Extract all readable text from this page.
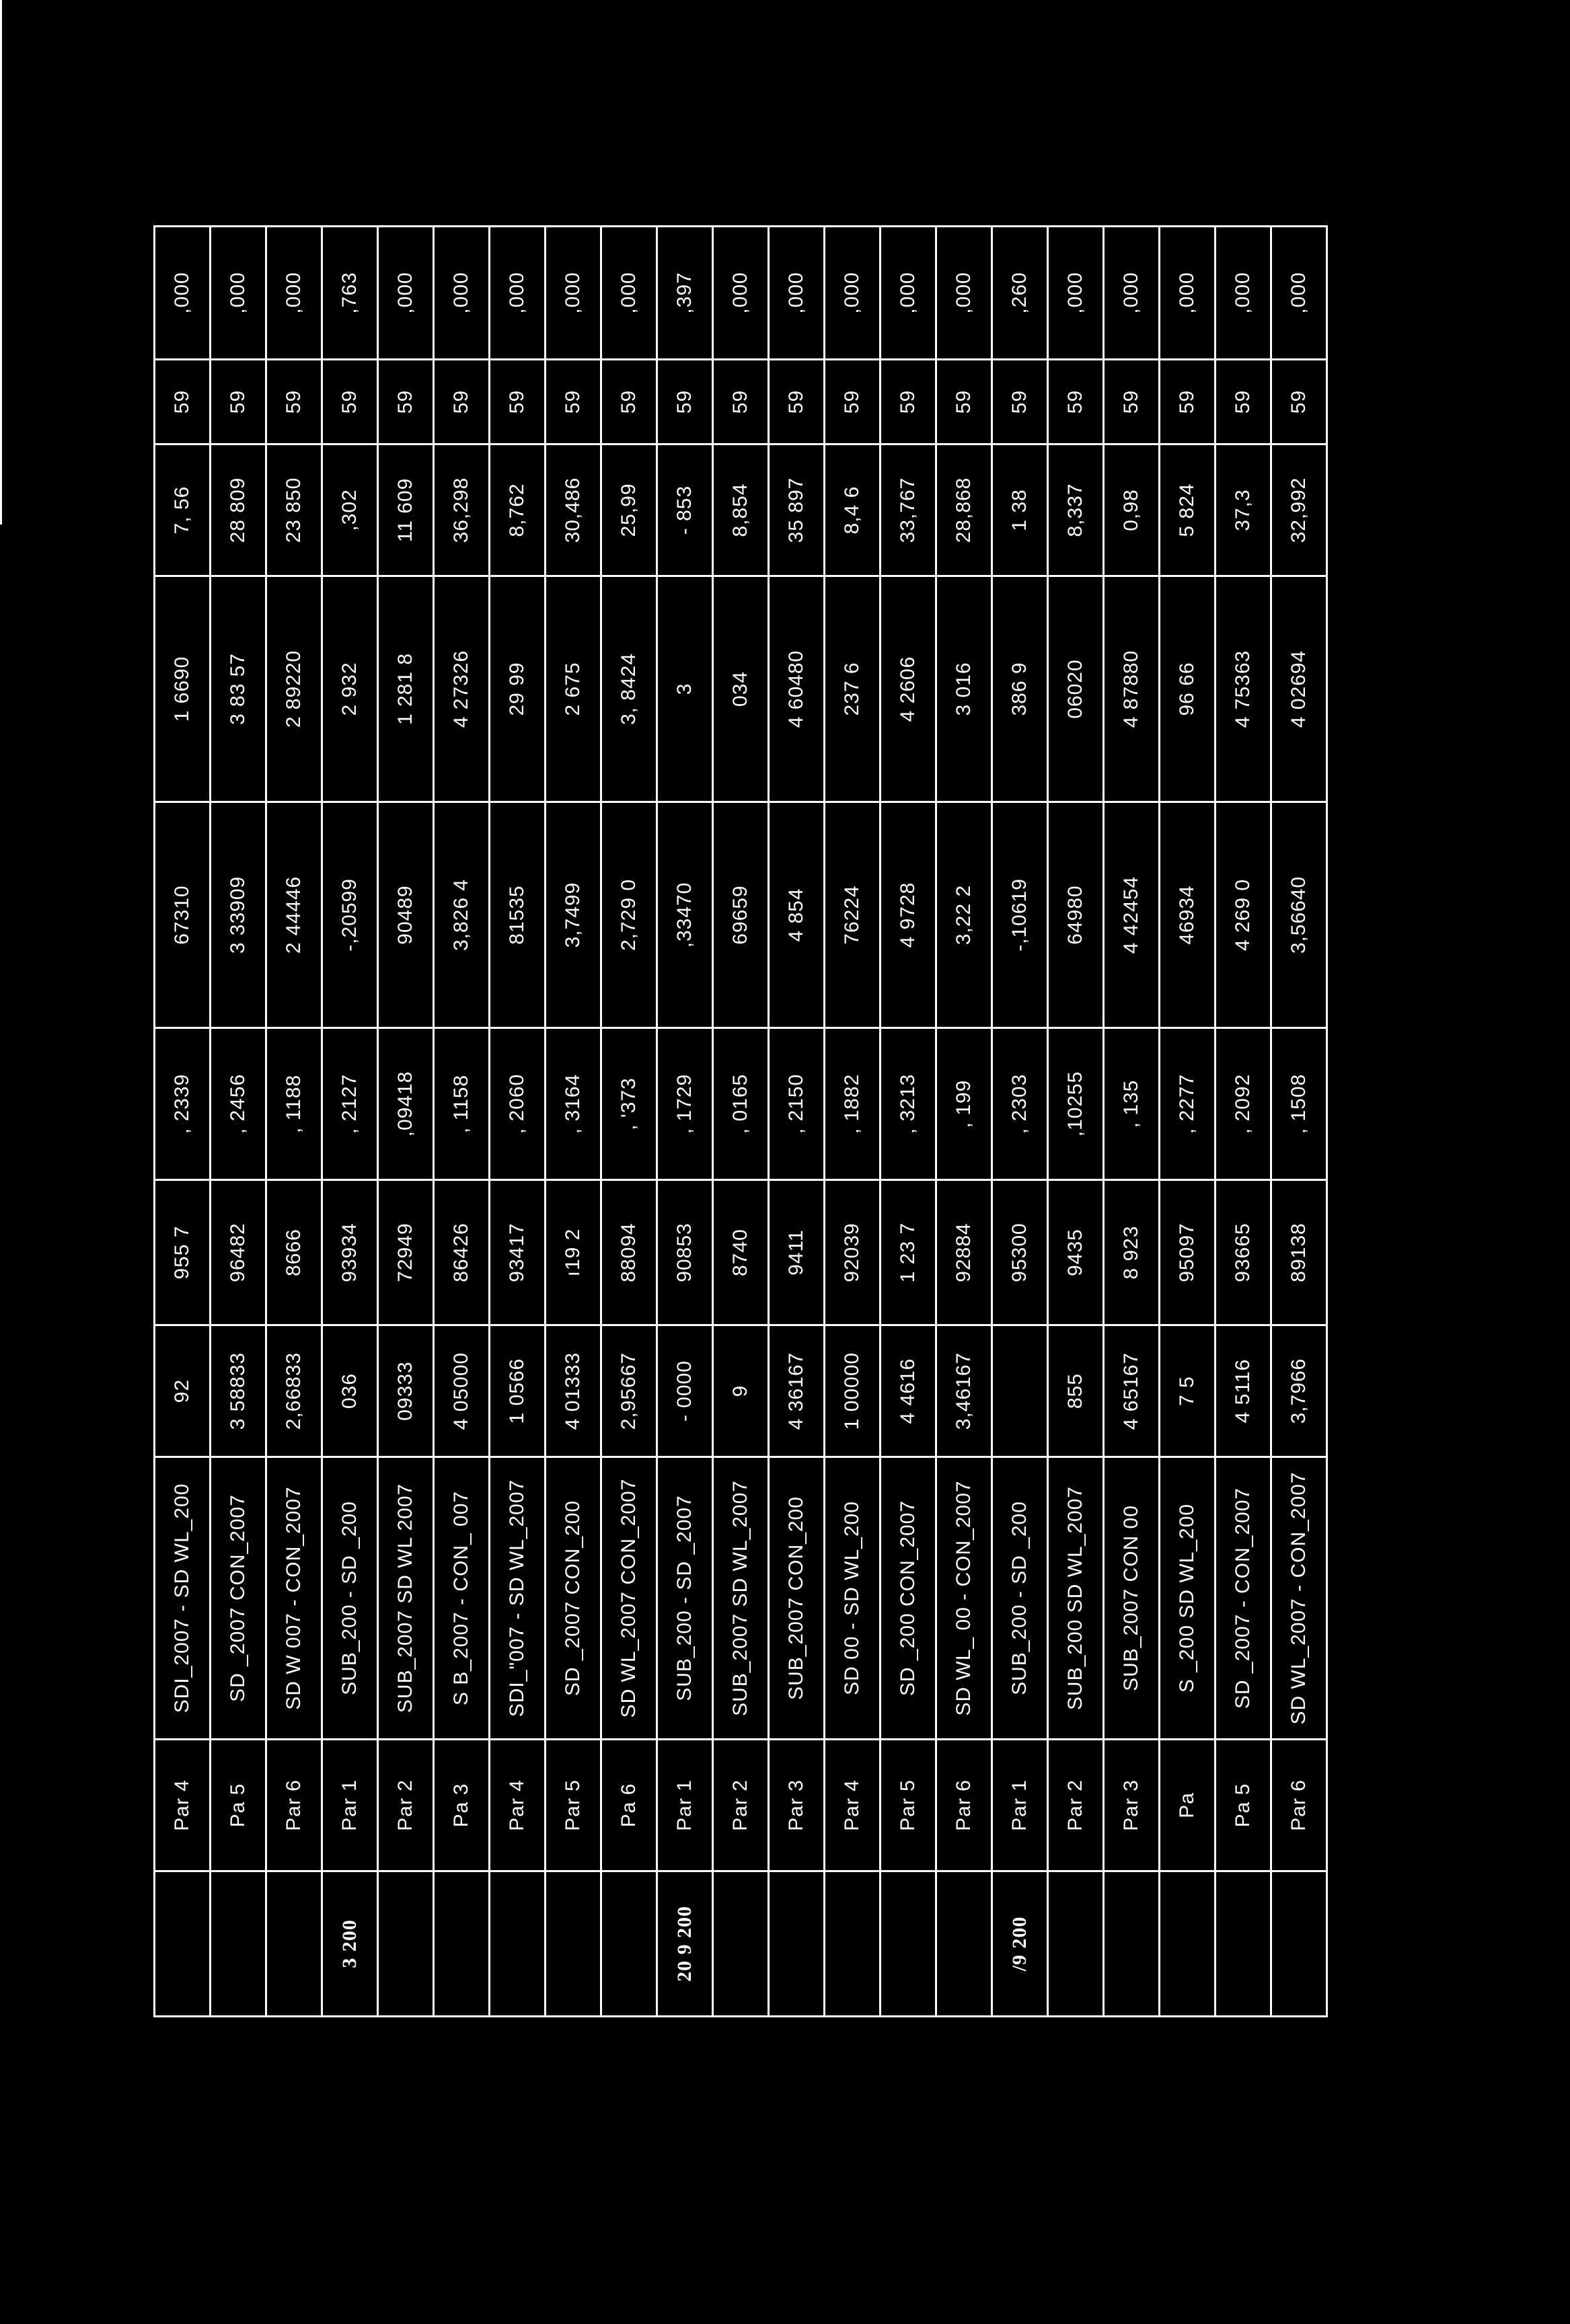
	Par 4	SDI_2007 - SD WL_200	92	955 7	, 2339	67310	1 6690	7, 56	59	,000
	Pa 5	SD _2007 CON_2007	3 58833	96482	, 2456	3 33909	3 83 57	28 809	59	,000
	Par 6	SD W 007 - CON_2007	2,66833	8666	, 1188	2 44446	2 89220	23 850	59	,000
3 200	Par 1	SUB_200 - SD _200	036	93934	, 2127	-,20599	2 932	,302	59	,763
	Par 2	SUB_2007 SD WL 2007	09333	72949	,09418	90489	1 281 8	11 609	59	,000
	Pa 3	S B_2007 - CON_ 007	4 05000	86426	, 1158	3,826 4	4 27326	36,298	59	,000
	Par 4	SDI_"007 - SD WL_2007	1 0566	93417	, 2060	81535	29 99	8,762	59	,000
	Par 5	SD _2007 CON_200	4 01333	ı19 2	, 3164	3,7499	2 675	30,486	59	,000
	Pa 6	SD WL_2007 CON_2007	2,95667	88094	, '373	2,729 0	3, 8424	25,99	59	,000
20 9 200	Par 1	SUB_200 - SD _2007	- 0000	90853	, 1729	,33470	3	- 853	59	,397
	Par 2	SUB_2007 SD WL_2007	9	8740	, 0165	69659	034	8,854	59	,000
	Par 3	SUB_2007 CON_200	4 36167	9411	, 2150	4 854	4 60480	35 897	59	,000
	Par 4	SD 00 - SD WL_200	1 00000	92039	, 1882	76224	237 6	8,4 6	59	,000
	Par 5	SD _200 CON_2007	4 4616	1 23 7	, 3213	4 9728	4 2606	33,767	59	,000
	Par 6	SD WL_ 00 - CON_2007	3,46167	92884	, 199	3,22 2	3 016	28,868	59	,000
/9 200	Par 1	SUB_200 - SD _200		95300	, 2303	-,10619	386 9	1 38	59	,260
	Par 2	SUB_200 SD WL_2007	855	9435	,10255	64980	06020	8,337	59	,000
	Par 3	SUB_2007 CON 00	4 65167	8 923	, 135	4 42454	4 87880	0,98	59	,000
	Pa	S _200 SD WL_200	7 5	95097	, 2277	46934	96 66	5 824	59	,000
	Pa 5	SD _2007 - CON_2007	4 5116	93665	, 2092	4 269 0	4 75363	37,3	59	,000
	Par 6	SD WL_2007 - CON_2007	3,7966	89138	, 1508	3,56640	4 02694	32,992	59	,000
